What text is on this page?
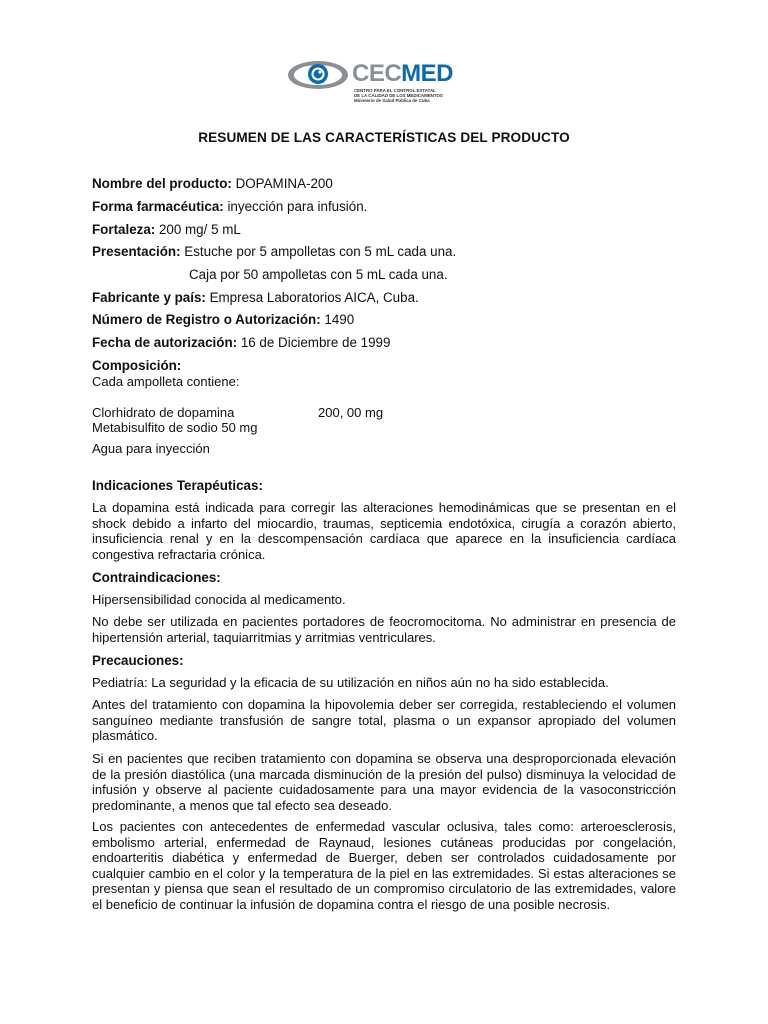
CECMED
CENTRO PARA EL CONTROL ESTATAL
DE LA CALIDAD DE LOS MEDICAMENTOS
Ministerio de Salud Pública de Cuba
RESUMEN DE LAS CARACTERÍSTICAS DEL PRODUCTO
Nombre del producto: DOPAMINA-200
Forma farmacéutica: inyección para infusión.
Fortaleza: 200 mg/ 5 mL
Presentación: Estuche por 5 ampolletas con 5 mL cada una.
Caja por 50 ampolletas con 5 mL cada una.
Fabricante y país: Empresa Laboratorios AICA, Cuba.
Número de Registro o Autorización: 1490
Fecha de autorización: 16 de Diciembre de 1999
Composición:
Cada ampolleta contiene:
Clorhidrato de dopamina	200, 00 mg
Metabisulfito de sodio 50 mg
Agua para inyección
Indicaciones Terapéuticas:
La dopamina está indicada para corregir las alteraciones hemodinámicas que se presentan en el shock debido a infarto del miocardio, traumas, septicemia endotóxica, cirugía a corazón abierto, insuficiencia renal y en la descompensación cardíaca que aparece en la insuficiencia cardíaca congestiva refractaria crónica.
Contraindicaciones:
Hipersensibilidad conocida al medicamento.
No debe ser utilizada en pacientes portadores de feocromocitoma. No administrar en presencia de hipertensión arterial, taquiarritmias y arritmias ventriculares.
Precauciones:
Pediatría: La seguridad y la eficacia de su utilización en niños aún no ha sido establecida.
Antes del tratamiento con dopamina la hipovolemia deber ser corregida, restableciendo el volumen sanguíneo mediante transfusión de sangre total, plasma o un expansor apropiado del volumen plasmático.
Si en pacientes que reciben tratamiento con dopamina se observa una desproporcionada elevación de la presión diastólica (una marcada disminución de la presión del pulso) disminuya la velocidad de infusión y observe al paciente cuidadosamente para una mayor evidencia de la vasoconstricción predominante, a menos que tal efecto sea deseado.
Los pacientes con antecedentes de enfermedad vascular oclusiva, tales como: arteroesclerosis, embolismo arterial, enfermedad de Raynaud, lesiones cutáneas producidas por congelación, endoarteritis diabética y enfermedad de Buerger, deben ser controlados cuidadosamente por cualquier cambio en el color y la temperatura de la piel en las extremidades. Si estas alteraciones se presentan y piensa que sean el resultado de un compromiso circulatorio de las extremidades, valore el beneficio de continuar la infusión de dopamina contra el riesgo de una posible necrosis.
